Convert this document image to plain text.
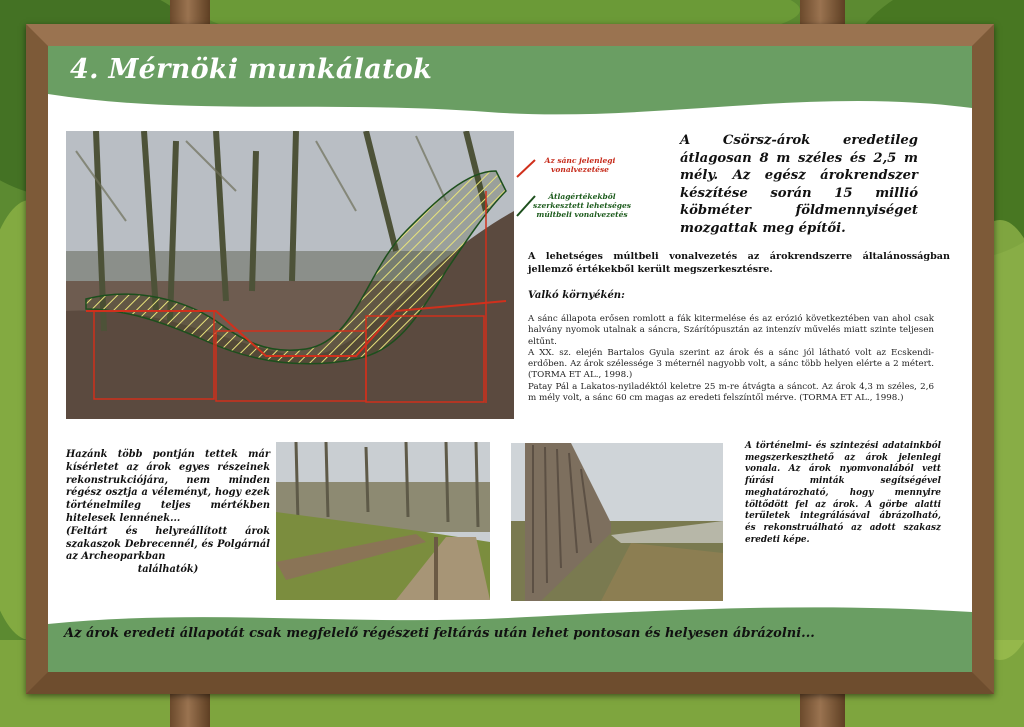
4. Mérnöki munkálatok

Az sánc jelenlegi vonalvezetése

Átlagértékekből szerkesztett lehetséges múltbeli vonalvezetés

A Csörsz-árok eredetileg átlagosan 8 m széles és 2,5 m mély. Az egész árokrendszer készítése során 15 millió köbméter földmennyiséget mozgattak meg építői.

A lehetséges múltbeli vonalvezetés az árokrendszerre általánosságban jellemző értékekből került megszerkesztésre.

Valkó környékén:

A sánc állapota erősen romlott a fák kitermelése és az erózió következtében van ahol csak halvány nyomok utalnak a sáncra, Szárítópusztán az intenzív művelés miatt szinte teljesen eltűnt.

A XX. sz. elején Bartalos Gyula szerint az árok és a sánc jól látható volt az Ecskendi-erdőben. Az árok szélessége 3 méternél nagyobb volt, a sánc több helyen elérte a 2 métert. (TORMA ET AL., 1998.)

Patay Pál a Lakatos-nyiladéktól keletre 25 m-re átvágta a sáncot. Az árok 4,3 m széles, 2,6 m mély volt, a sánc 60 cm magas az eredeti felszíntől mérve. (TORMA ET AL., 1998.)

Hazánk több pontján tettek már kísérletet az árok egyes részeinek rekonstrukciójára, nem minden régész osztja a véleményt, hogy ezek történelmileg teljes mértékben hitelesek lennének...

(Feltárt és helyreállított árok szakaszok Debrecennél, és Polgárnál az Archeoparkban

találhatók)

A történelmi- és szintezési adatainkból megszerkeszthető az árok jelenlegi vonala. Az árok nyomvonalából vett fúrási minták segítségével meghatározható, hogy mennyire töltődött fel az árok. A görbe alatti területek integrálásával ábrázolható, és rekonstruálható az adott szakasz eredeti képe.

Az árok eredeti állapotát csak megfelelő régészeti feltárás után lehet pontosan és helyesen ábrázolni...
